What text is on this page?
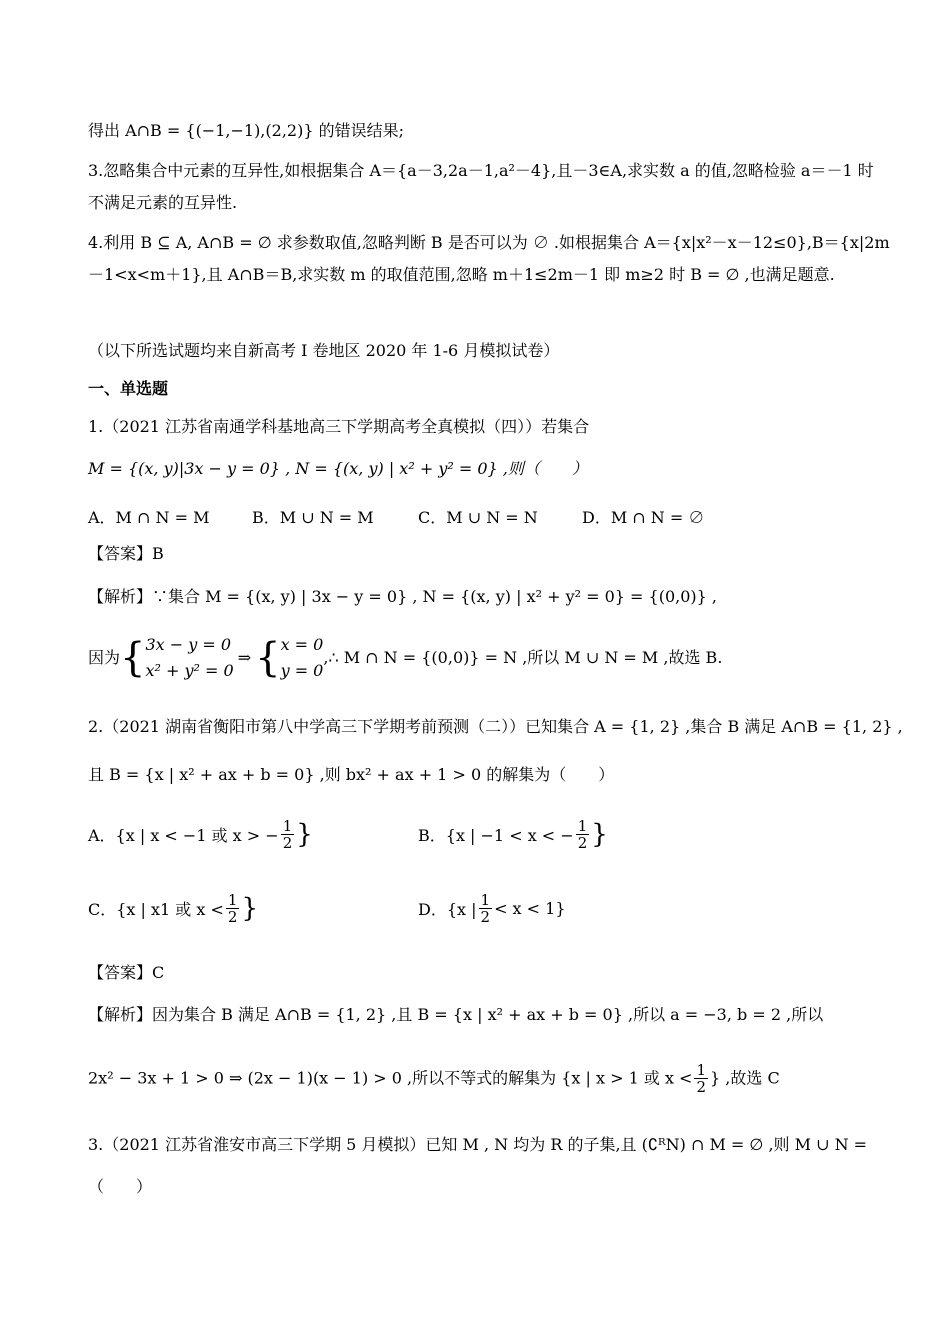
得出 A∩B = {(−1,−1),(2,2)} 的错误结果;
3.忽略集合中元素的互异性,如根据集合 A＝{a－3,2a－1,a²－4},且－3∈A,求实数 a 的值,忽略检验 a＝－1 时
不满足元素的互异性.
4.利用 B ⊆ A, A∩B = ∅ 求参数取值,忽略判断 B 是否可以为 ∅ .如根据集合 A＝{x|x²－x－12≤0},B＝{x|2m
－1<x<m＋1},且 A∩B＝B,求实数 m 的取值范围,忽略 m＋1≤2m－1 即 m≥2 时 B = ∅ ,也满足题意.
（以下所选试题均来自新高考 I 卷地区 2020 年 1-6 月模拟试卷）
一、单选题
1.（2021 江苏省南通学科基地高三下学期高考全真模拟（四））若集合
M = {(x, y)|3x − y = 0} , N = {(x, y) | x² + y² = 0} ,则（　　）
A．M ∩ N = M	B．M ∪ N = M	C．M ∪ N = N	D．M ∩ N = ∅
【答案】B
【解析】∵集合 M = {(x, y) | 3x − y = 0} , N = {(x, y) | x² + y² = 0} = {(0,0)} ,
因为 { 3x − y = 0
x² + y² = 0
⇒ { x = 0
y = 0
,∴ M ∩ N = {(0,0)} = N ,所以 M ∪ N = M ,故选 B.
2.（2021 湖南省衡阳市第八中学高三下学期考前预测（二））已知集合 A = {1, 2} ,集合 B 满足 A∩B = {1, 2} ,
且 B = {x | x² + ax + b = 0} ,则 bx² + ax + 1 > 0 的解集为（　　）
A．{x | x < −1 或 x > − $\frac{1}{2}$ }	B．{x | −1 < x < − $\frac{1}{2}$ }
C．{x | x1 或 $x < \frac{1}{2}$ }	D．{x | $\frac{1}{2} < x < 1$}
【答案】C
【解析】因为集合 B 满足 A∩B = {1, 2} ,且 B = {x | x² + ax + b = 0} ,所以 a = −3, b = 2 ,所以
2x² − 3x + 1 > 0 ⇒ (2x − 1)(x − 1) > 0 ,所以不等式的解集为 {x | x > 1 或 $x < \frac{1}{2}$ } ,故选 C
3.（2021 江苏省淮安市高三下学期 5 月模拟）已知 M , N 均为 R 的子集,且 (∁ᴿN) ∩ M = ∅ ,则 M ∪ N =
（　　）
